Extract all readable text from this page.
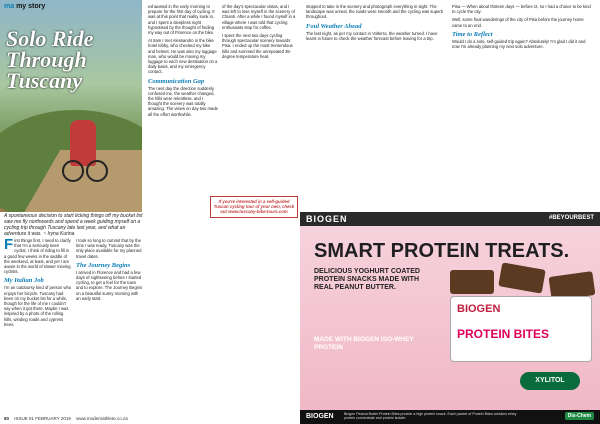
ma my story
Solo Ride Through Tuscany
A spontaneous decision to start ticking things off my bucket list saw me fly northwards and spend a week guiding myself on a cycling trip through Tuscany late last year, and what an adventure it was. ~ Iryna Kurina

First things first, I need to clarify that I'm a seriously keen cyclist. I think of riding to fill in a good few weeks in the saddle of the weekend, at least, and yet I am aware in the world of slower moving cyclists.

My Italian Job

I'm an outdoorsy kind of person who enjoys her bicycle. Tuscany had been on my bucket list for a while, though for the life of me I couldn't say when it got there. Maybe I was inspired by a photo of the rolling hills, winding roads and cypress trees.

I took so long to commit that by the time I was ready, Tuscany was the only place available for my planned travel dates.

The Journey Begins

I arrived in Florence and had a few days of sightseeing before I started cycling, to get a feel for the town and to explore. The Journey Begins on a beautiful sunny morning with an early start.

exhausted in the early morning to prepare for the first day of cycling. It was at this point that reality sunk in, and I spent a sleepless night hypnotised by the thought of finding my way out of Florence on the bike.

At 8am I met Alessandro in the bike hotel lobby, who checked my bike and helmet. He was also my luggage man, who would be moving my luggage to each new destination on a daily basis, and my emergency contact.

Communication Gap

The next day the direction suddenly confused me, the weather changed, the hills were relentless, and I thought the scenery was totally amazing. The views on day two made all the effort worthwhile.

of the day's spectacular vistas, and I was left to lose myself in the scenery of Chianti. After a while I found myself in a village where I was told that cycling enthusiasts stop for coffee.

I spent the next two days cycling through spectacular scenery towards Pisa. I ended up the most tremendous hills and summed the unrepeated 35-degree temperature heat.

If you're interested in a self-guided Tuscan cycling tour of your own, check out www.tuscany-bike-tours.com
80 ISSUE 91 FEBRUARY 2019 www.modernathlete.co.za

stopped to take in the scenery and photograph everything in sight. The landscape was unreal, the roads were smooth and the cycling was superb throughout.

Foul Weather Ahead

The last night, as per my contact in Volterra, the weather turned. I have learnt in future to check the weather forecast before leaving for a trip.

Pisa — When about thirteen days — before I2, so I had a choice to be kind to cycle the city.

Well, some final wanderings of the city of Pisa before the journey home came to an end.

Time to Reflect

Would I do a solo, self-guided trip again? Absolutely! I'm glad I did it and now I'm already planning my next solo adventure.

BIOGEN	#BEYOURBEST
SMART PROTEIN TREATS.
DELICIOUS YOGHURT COATED PROTEIN SNACKS MADE WITH REAL PEANUT BUTTER.
BIOGEN
PROTEIN BITES
MADE WITH BIOGEN ISO-WHEY PROTEIN
XYLITOL
BIOGEN	Biogen Peanut Butter Protein Bites provide a high protein snack. Each packet of Protein Bites contains whey protein concentrate and protein isolate.	Dis-Chem
